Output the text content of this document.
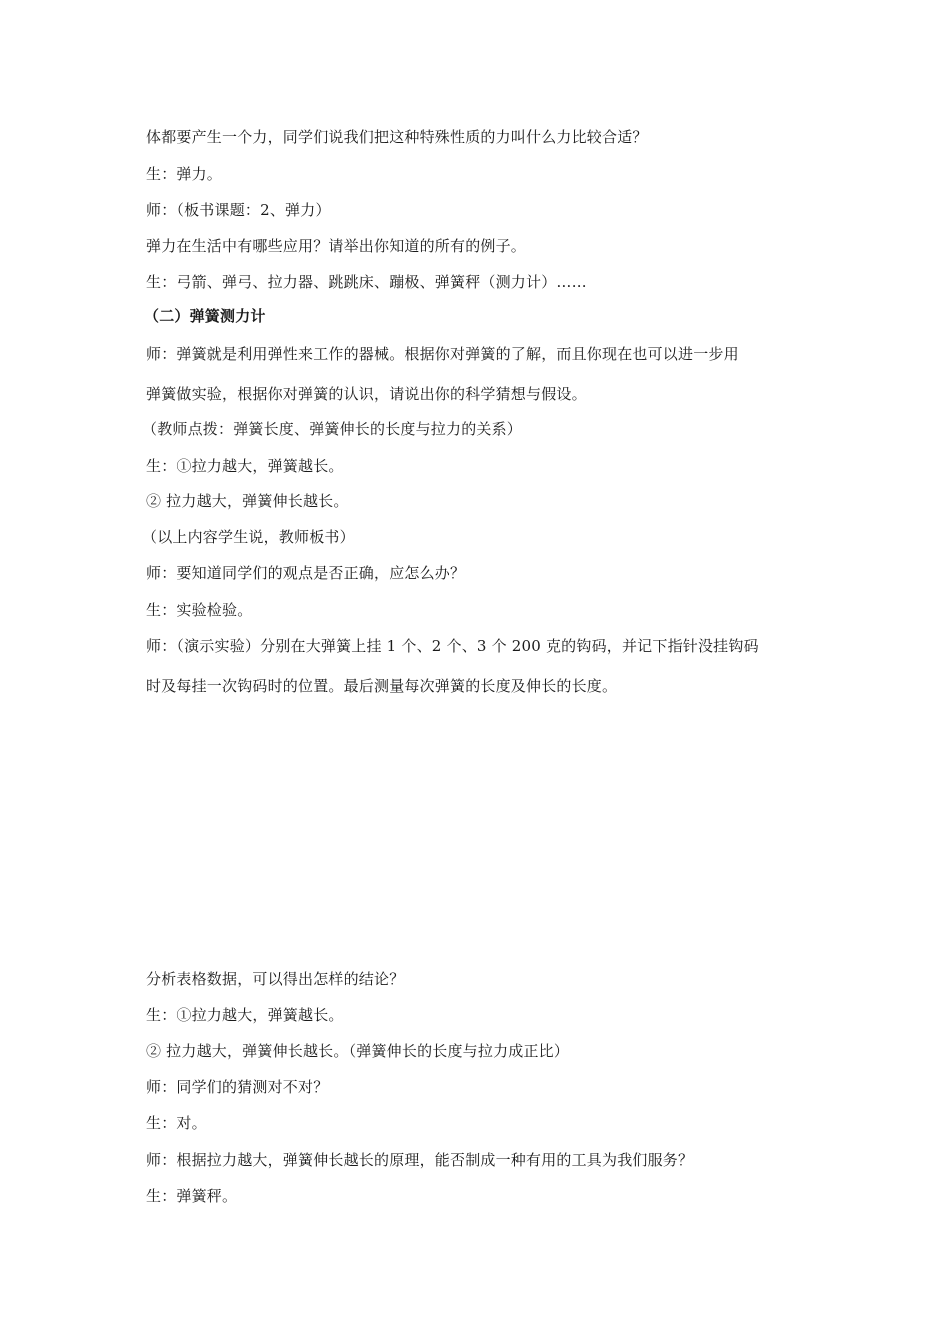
体都要产生一个力，同学们说我们把这种特殊性质的力叫什么力比较合适？
生：弹力。
师：（板书课题：2、弹力）
弹力在生活中有哪些应用？请举出你知道的所有的例子。
生：弓箭、弹弓、拉力器、跳跳床、蹦极、弹簧秤（测力计）……
（二）弹簧测力计
师：弹簧就是利用弹性来工作的器械。根据你对弹簧的了解，而且你现在也可以进一步用
弹簧做实验，根据你对弹簧的认识，请说出你的科学猜想与假设。
（教师点拨：弹簧长度、弹簧伸长的长度与拉力的关系）
生：①拉力越大，弹簧越长。
② 拉力越大，弹簧伸长越长。
（以上内容学生说，教师板书）
师：要知道同学们的观点是否正确，应怎么办？
生：实验检验。
师：（演示实验）分别在大弹簧上挂 1 个、2 个、3 个 200 克的钩码，并记下指针没挂钩码
时及每挂一次钩码时的位置。最后测量每次弹簧的长度及伸长的长度。
分析表格数据，可以得出怎样的结论？
生：①拉力越大，弹簧越长。
② 拉力越大，弹簧伸长越长。（弹簧伸长的长度与拉力成正比）
师：同学们的猜测对不对？
生：对。
师：根据拉力越大，弹簧伸长越长的原理，能否制成一种有用的工具为我们服务？
生：弹簧秤。
